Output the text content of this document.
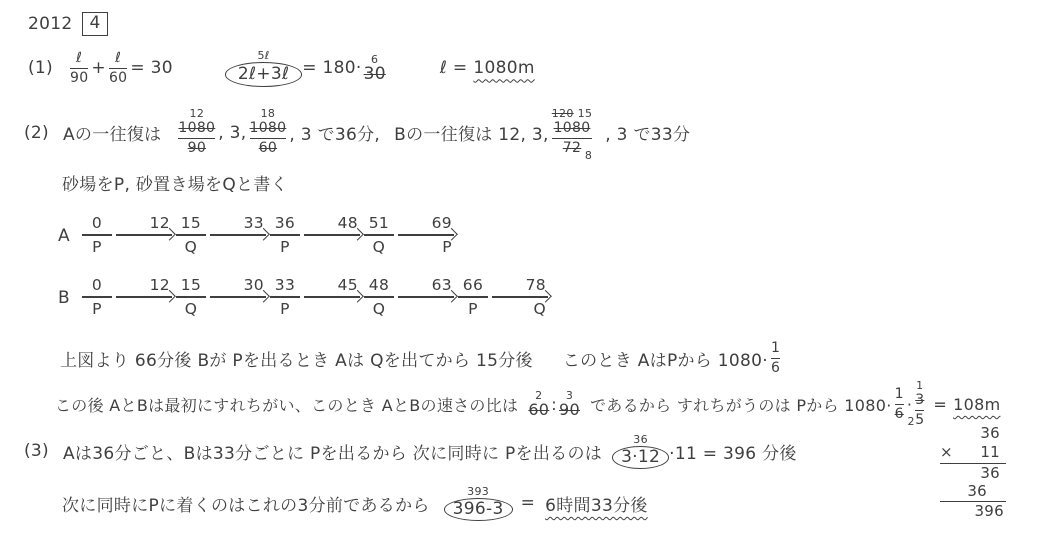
2012	4
$(1) \frac{\text{ℓ}}{90} + \frac{\text{ℓ}}{60} = 30$
5ℓ
2ℓ+3ℓ = 180· 6
30	ℓ = 1080m
(2) Aの一往復は
12
1080
90
, 3,
18
1080
60
, 3 で36分, Bの一往復は 12, 3,
120 15
1080
72 8
, 3 で33分
砂場をP, 砂置き場をQと書く
A
0
P
12 15
Q
33 36
P
48 51
Q
69
P
B
0
P
12 15
Q
30 33
P
45 48
Q
63 66
P
78
Q
上図より 66分後 Bが Pを出るとき Aは Qを出てから 15分後 このとき AはPから $1080\cdot \frac{1}{6}$
この後 AとBは最初にすれちがい、このとき AとBの速さの比は
2
60 : 3
90 であるから すれちがうのは Pから $1080\cdot \frac{1}{6 2}$ ·
1
3
5
= 108m
(3) Aは36分ごと、Bは33分ごとに Pを出るから 次に同時に Pを出るのは
36
3·12 ·11 = 396 分後
次に同時にPに着くのはこれの3分前であるから
393
396-3	= 6時間33分後
36
× 11
36
36
396
